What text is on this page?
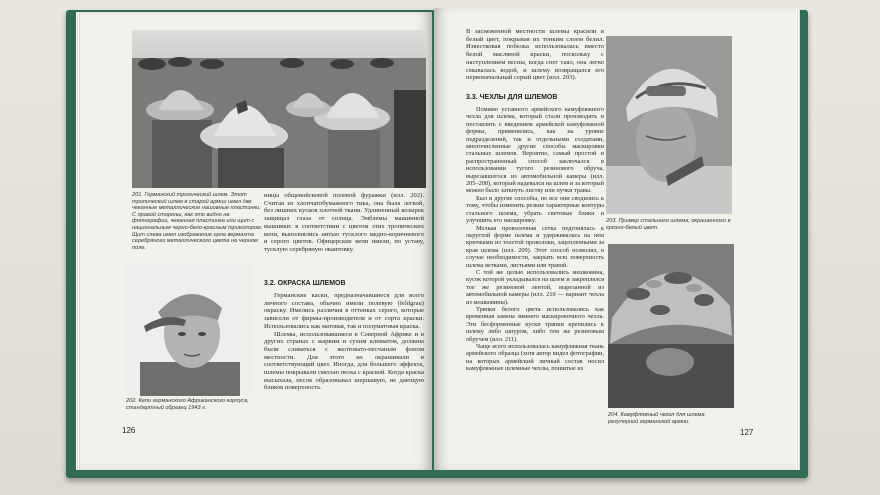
201. Германский тропический шлем. Этот тропический шлем в старой армии имел две чеканные металлические нашивные пластинки. С правой стороны, как это видно на фотографии, чеканная пластинка или щит с национальным черно-бело-красным триколором. Щит слева имел изображение орла вермахта серебряного металлического цвета на черном поле.
ницы общевойсковой полевой фуражки (илл. 202). Считая из хлопчатобумажного тика, она была легкой, без лишних кусков плотной ткани. Удлиненный козырек защищал глаза от солнца. Эмблемы машинной вышивки: в соответствии с цветом этих тропических кепи, выполнялись нитью тусклого медно-коричневого и серого цветов. Офицерские кепи имели, по уставу, тусклую серебряную окантовку.
202. Кепи германского Африканского корпуса, стандартный образец 1943 г.
3.2. ОКРАСКА ШЛЕМОВ

Германские каски, предназначавшиеся для всего личного состава, обычно имели полевую (feldgrau) окраску. Имелись различия в оттенках серого, которые зависели от фирмы-производителя и от сорта краски. Использовались как матовая, так и полуматовая краска.

Шлемы, использовавшиеся в Северной Африке и в других странах с жарким и сухим климатом, должны были сливаться с желтовато-песчаным фоном местности. Для этого их окрашивали в соответствующий цвет. Иногда, для большего эффекта, шлемы покрывали смесью песка с краской. Когда краска высыхала, песок образовывал шершавую, не дающую бликов поверхность.

126
В заснеженной местности шлемы красили в белый цвет, покрывая их тонким слоем белил. Известковая побелка использовалась вместо белой масляной краски, поскольку с наступлением весны, когда снег таял, она легко смывалась водой, и шлему возвращался его первоначальный серый цвет (илл. 203).
3.3. ЧЕХЛЫ ДЛЯ ШЛЕМОВ

Помимо уставного армейского камуфляжного чехла для шлема, который стали производить и поставлять с введением армейской камуфляжной формы, применялись, как на уровне подразделений, так и отдельными солдатами, многочисленные другие способы маскировки стальных шлемов. Вероятно, самый простой и распространенный способ заключался в использовании тугого резинового обруча, вырезавшегося из автомобильной камеры (илл. 205–208), который надевался на шлем и за который можно было заткнуть листву или пучки травы.

Был и другие способы, но все они сводились к тому, чтобы изменить резкие характерные контуры стального шлема, убрать световые блики и улучшить его маскировку.

Мелкая проволочная сетка подгонялась к округлой форме шлема и удерживалась на нем крючками из толстой проволоки, зацепленными за края шлема (илл. 209). Этот способ позволял, в случае необходимости, закрыть всю поверхность шлема ветками, листьями или травой.

С той же целью использовались мешковина, кусок которой укладывался на шлем и закреплялся тое же резиновой лентой, вырезанной из автомобильной камеры (илл. 210 — вариант чехла из мешковины).

Тряпки белого цвета использовались как временная замена зимнего маскировочного чехла. Эти бесформенные куски тряпки крепились к шлему либо шнуром, либо тем же резиновым обручем (илл. 211).

Чаще всего использовалась камуфляжная ткань армейского образца (хотя автор видел фотографии, на которых армейский личный состав носил камуфляжные шлемные чехлы, пошитые из

203. Пример стального шлема, окрашенного в грязно-белый цвет.
204. Камуфляжный чехол для шлема регулярной германской армии.
127
